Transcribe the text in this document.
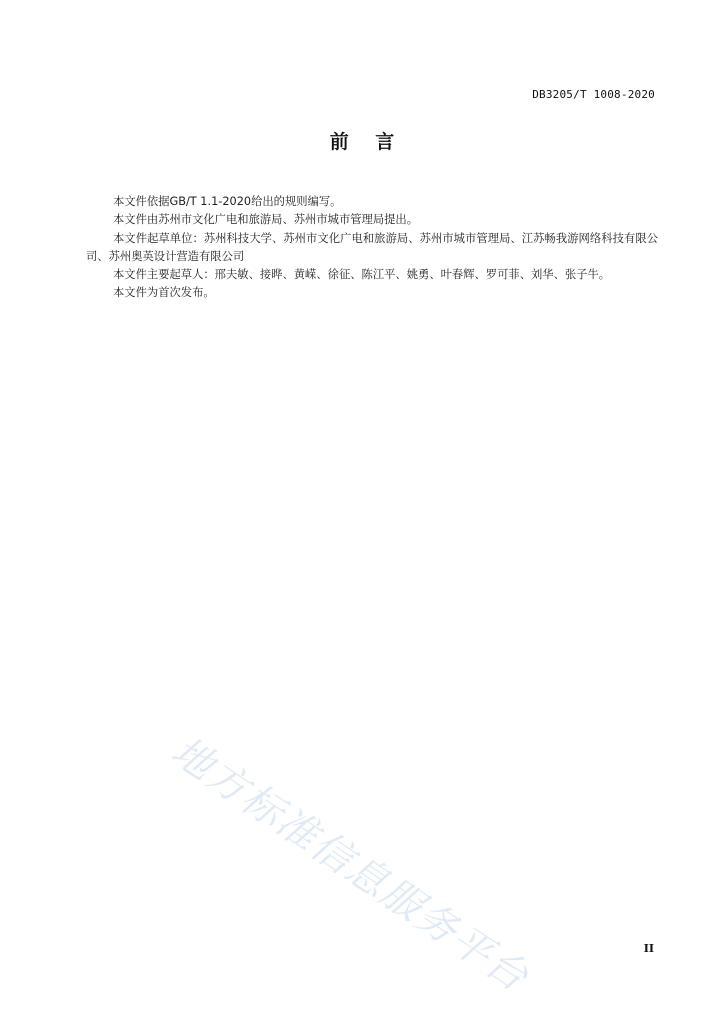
DB3205/T 1008-2020
前    言

本文件依据GB/T 1.1-2020给出的规则编写。

本文件由苏州市文化广电和旅游局、苏州市城市管理局提出。

本文件起草单位：苏州科技大学、苏州市文化广电和旅游局、苏州市城市管理局、江苏畅我游网络科技有限公司、苏州奥英设计营造有限公司

本文件主要起草人：邢夫敏、接晔、黄嵘、徐征、陈江平、姚勇、叶春辉、罗可菲、刘华、张子牛。

本文件为首次发布。

地方标准信息服务平台	II
